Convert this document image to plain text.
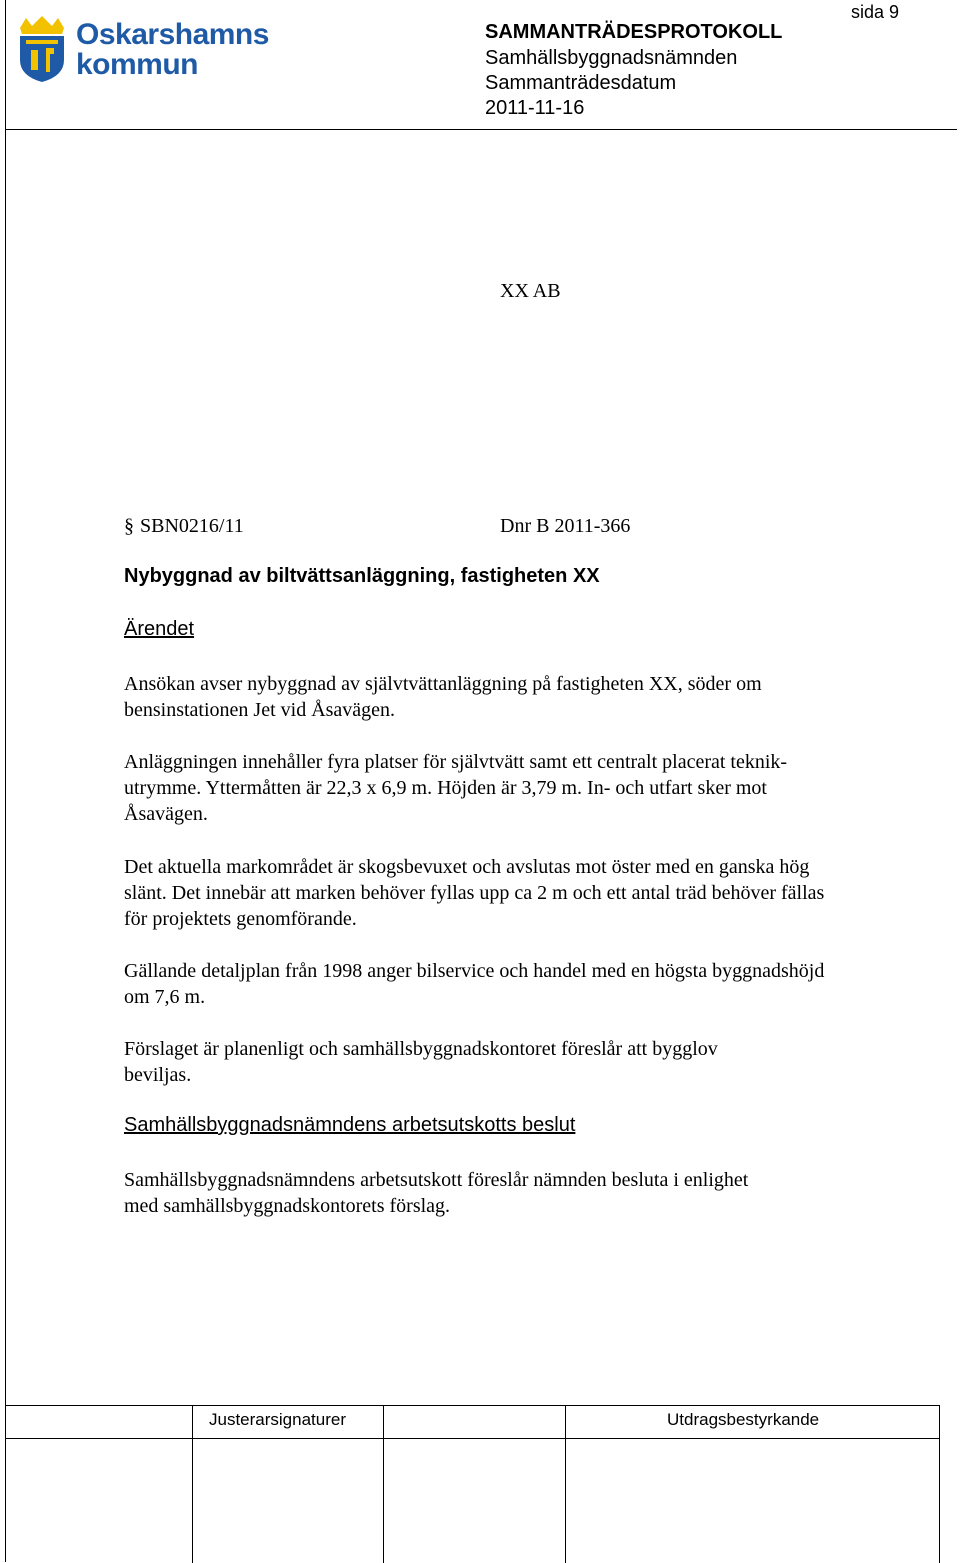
Oskarshamns
kommun
sida 9
SAMMANTRÄDESPROTOKOLL
Samhällsbyggnadsnämnden
Sammanträdesdatum
2011-11-16
XX AB
§ SBN0216/11	Dnr B 2011-366
Nybyggnad av biltvättsanläggning, fastigheten XX
Ärendet
Ansökan avser nybyggnad av självtvättanläggning på fastigheten XX, söder om
bensinstationen Jet vid Åsavägen.
Anläggningen innehåller fyra platser för självtvätt samt ett centralt placerat teknik-
utrymme. Yttermåtten är 22,3 x 6,9 m. Höjden är 3,79 m. In- och utfart sker mot
Åsavägen.
Det aktuella markområdet är skogsbevuxet och avslutas mot öster med en ganska hög
slänt. Det innebär att marken behöver fyllas upp ca 2 m och ett antal träd behöver fällas
för projektets genomförande.
Gällande detaljplan från 1998 anger bilservice och handel med en högsta byggnadshöjd
om 7,6 m.
Förslaget är planenligt och samhällsbyggnadskontoret föreslår att bygglov
beviljas.
Samhällsbyggnadsnämndens arbetsutskotts beslut
Samhällsbyggnadsnämndens arbetsutskott föreslår nämnden besluta i enlighet
med samhällsbyggnadskontorets förslag.
Justerarsignaturer	Utdragsbestyrkande
